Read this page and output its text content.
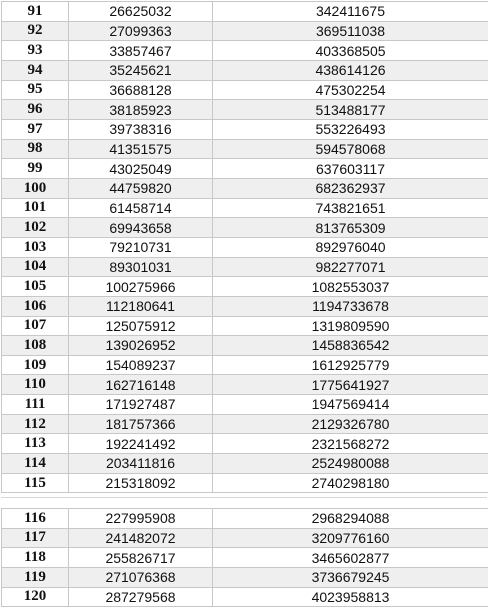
91	26625032	342411675
92	27099363	369511038
93	33857467	403368505
94	35245621	438614126
95	36688128	475302254
96	38185923	513488177
97	39738316	553226493
98	41351575	594578068
99	43025049	637603117
100	44759820	682362937
101	61458714	743821651
102	69943658	813765309
103	79210731	892976040
104	89301031	982277071
105	100275966	1082553037
106	112180641	1194733678
107	125075912	1319809590
108	139026952	1458836542
109	154089237	1612925779
110	162716148	1775641927
111	171927487	1947569414
112	181757366	2129326780
113	192241492	2321568272
114	203411816	2524980088
115	215318092	2740298180
116	227995908	2968294088
117	241482072	3209776160
118	255826717	3465602877
119	271076368	3736679245
120	287279568	4023958813
